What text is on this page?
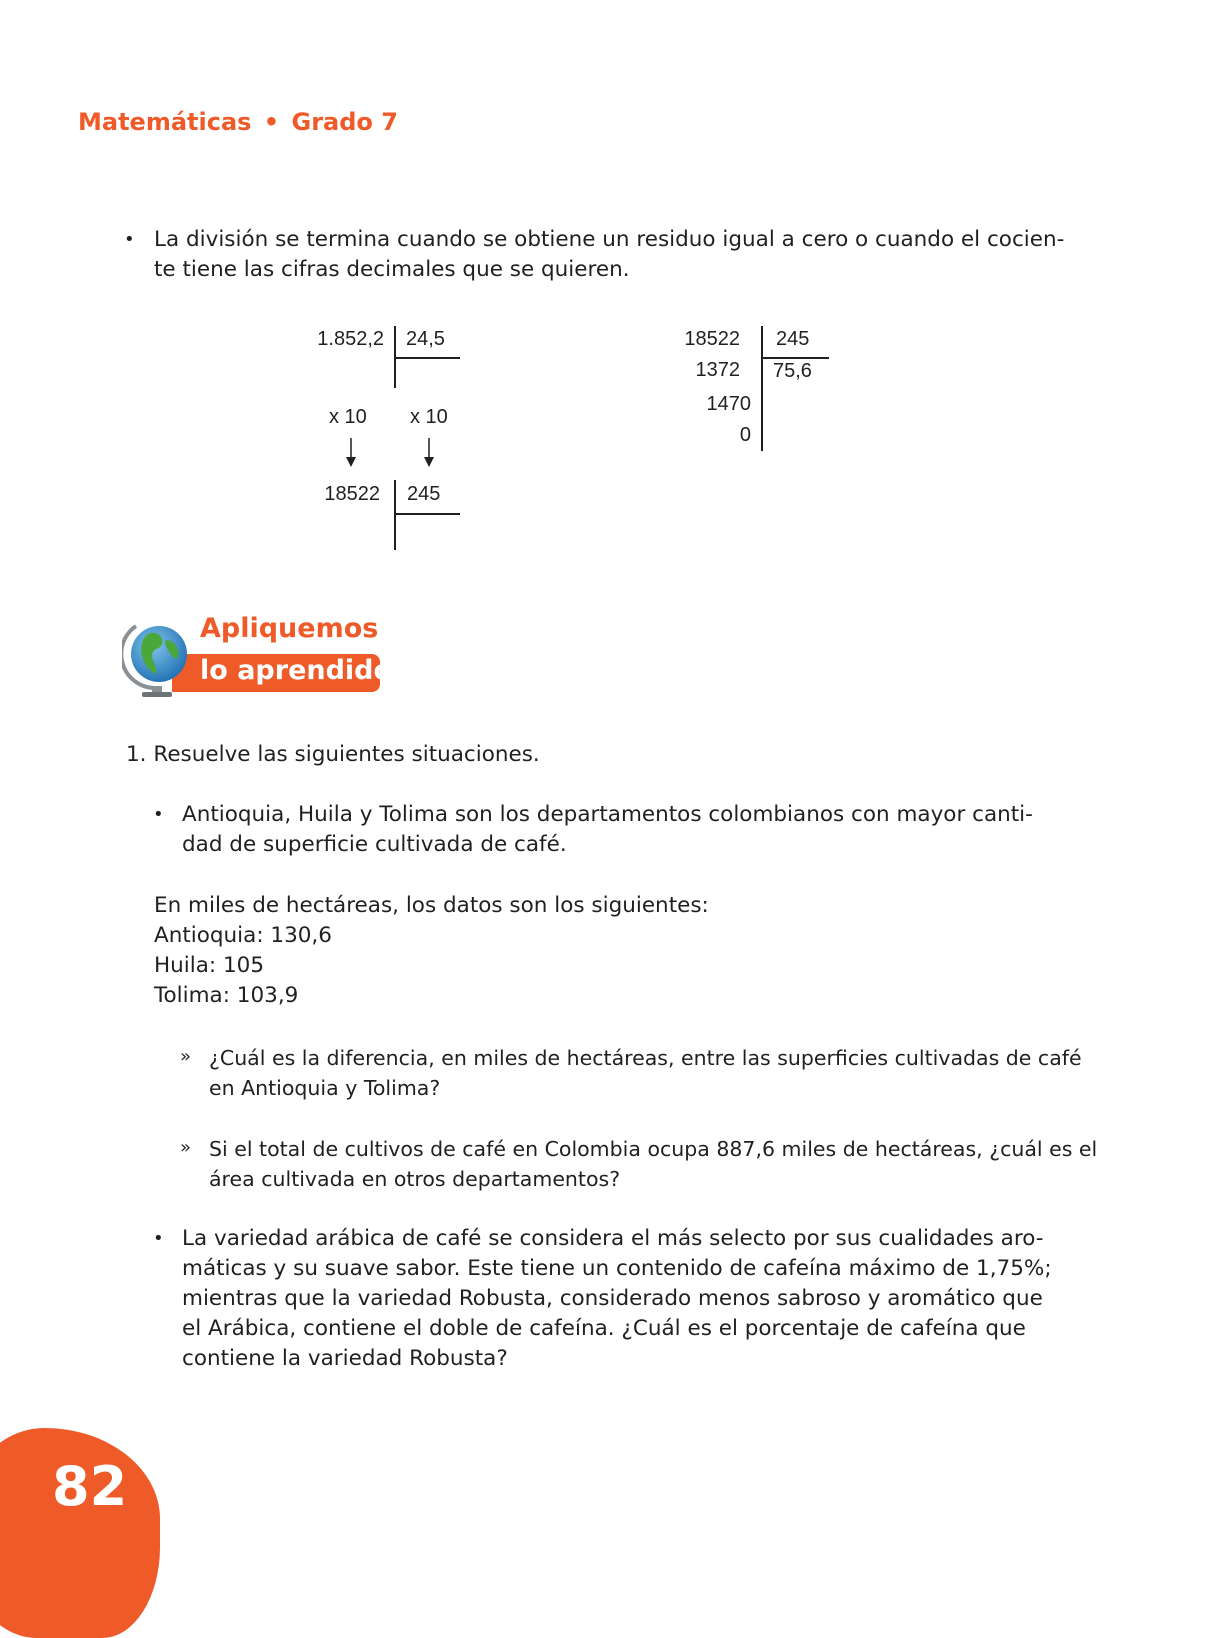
Matemáticas • Grado 7
• La división se termina cuando se obtiene un residuo igual a cero o cuando el cocien-
te tiene las cifras decimales que se quieren.
1.852,2 24,5
x 10 x 10
18522 245
18522 245
1372 75,6
1470
0
lo aprendido
Apliquemos
1. Resuelve las siguientes situaciones.
• Antioquia, Huila y Tolima son los departamentos colombianos con mayor canti-
dad de superficie cultivada de café.
En miles de hectáreas, los datos son los siguientes:
Antioquia: 130,6
Huila: 105
Tolima: 103,9
» ¿Cuál es la diferencia, en miles de hectáreas, entre las superficies cultivadas de café
en Antioquia y Tolima?
» Si el total de cultivos de café en Colombia ocupa 887,6 miles de hectáreas, ¿cuál es el
área cultivada en otros departamentos?
• La variedad arábica de café se considera el más selecto por sus cualidades aro-
máticas y su suave sabor. Este tiene un contenido de cafeína máximo de 1,75%;
mientras que la variedad Robusta, considerado menos sabroso y aromático que
el Arábica, contiene el doble de cafeína. ¿Cuál es el porcentaje de cafeína que
contiene la variedad Robusta?
82
